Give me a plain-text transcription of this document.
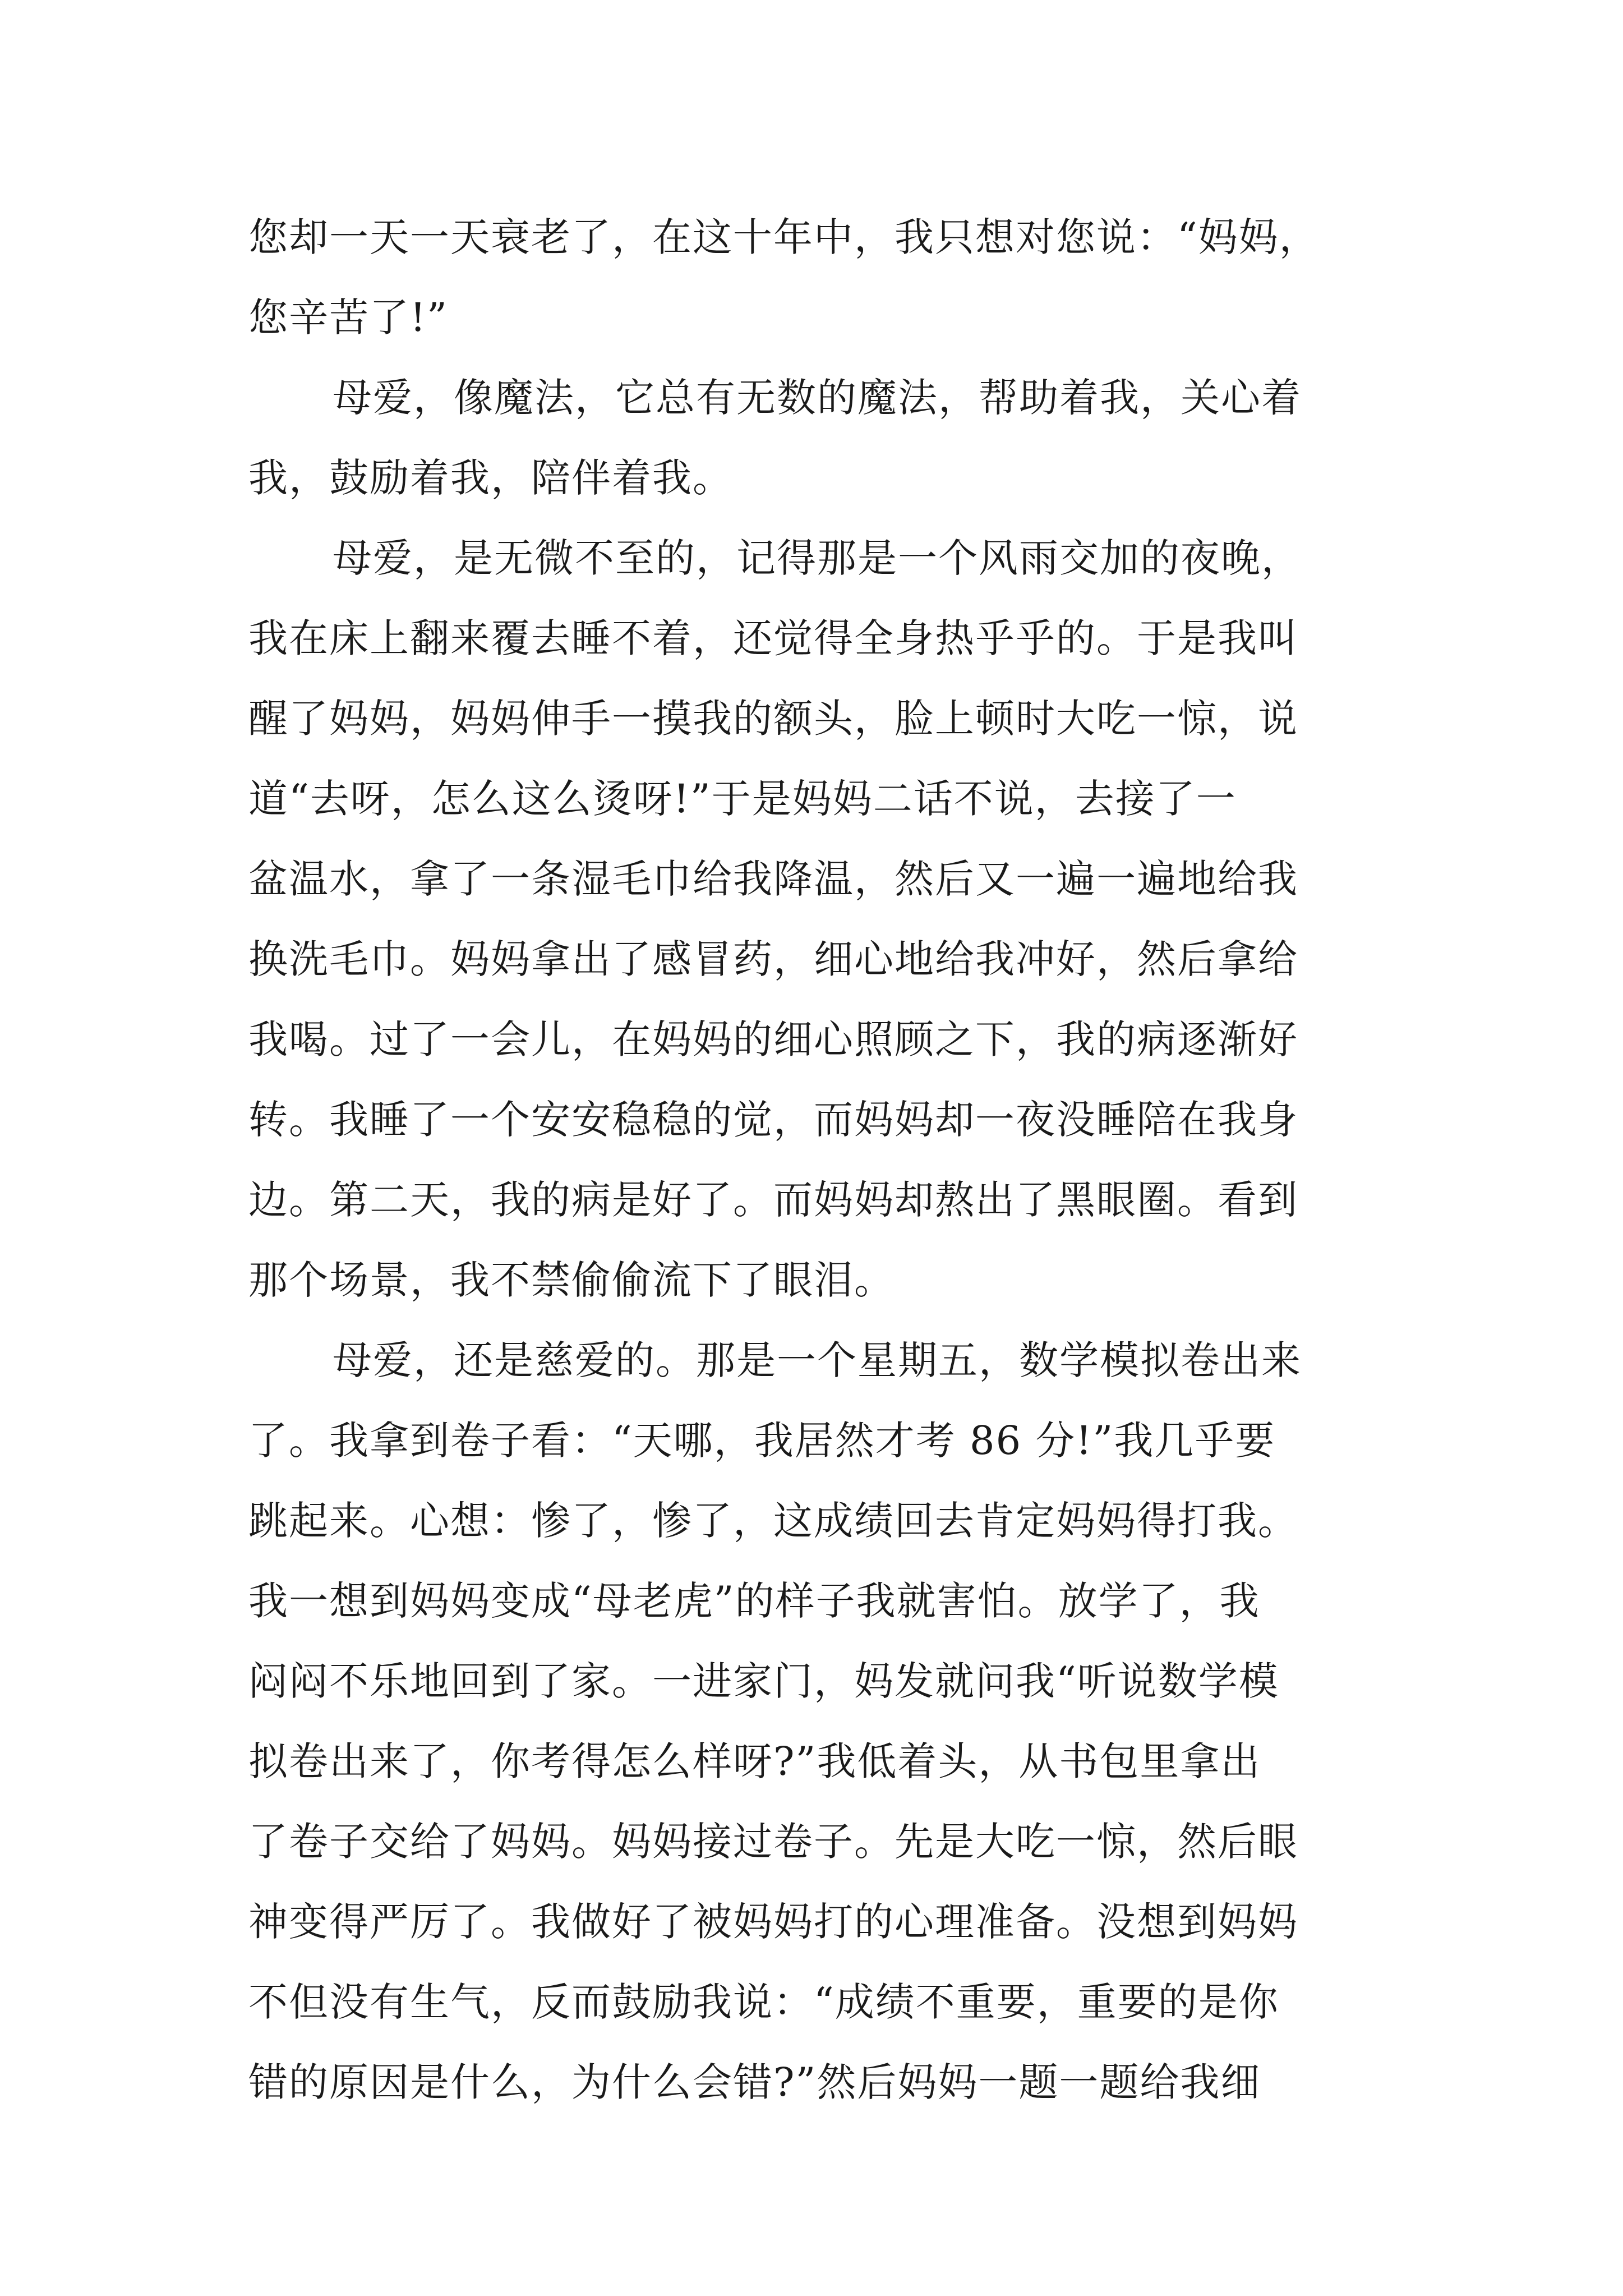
您却一天一天衰老了，在这十年中，我只想对您说：“妈妈，
您辛苦了!”
母爱，像魔法，它总有无数的魔法，帮助着我，关心着
我，鼓励着我，陪伴着我。
母爱，是无微不至的，记得那是一个风雨交加的夜晚，
我在床上翻来覆去睡不着，还觉得全身热乎乎的。于是我叫
醒了妈妈，妈妈伸手一摸我的额头，脸上顿时大吃一惊，说
道“去呀，怎么这么烫呀!”于是妈妈二话不说，去接了一
盆温水，拿了一条湿毛巾给我降温，然后又一遍一遍地给我
换洗毛巾。妈妈拿出了感冒药，细心地给我冲好，然后拿给
我喝。过了一会儿，在妈妈的细心照顾之下，我的病逐渐好
转。我睡了一个安安稳稳的觉，而妈妈却一夜没睡陪在我身
边。第二天，我的病是好了。而妈妈却熬出了黑眼圈。看到
那个场景，我不禁偷偷流下了眼泪。
母爱，还是慈爱的。那是一个星期五，数学模拟卷出来
了。我拿到卷子看：“天哪，我居然才考 86 分!”我几乎要
跳起来。心想：惨了，惨了，这成绩回去肯定妈妈得打我。
我一想到妈妈变成“母老虎”的样子我就害怕。放学了，我
闷闷不乐地回到了家。一进家门，妈发就问我“听说数学模
拟卷出来了，你考得怎么样呀?”我低着头，从书包里拿出
了卷子交给了妈妈。妈妈接过卷子。先是大吃一惊，然后眼
神变得严厉了。我做好了被妈妈打的心理准备。没想到妈妈
不但没有生气，反而鼓励我说：“成绩不重要，重要的是你
错的原因是什么，为什么会错?”然后妈妈一题一题给我细
